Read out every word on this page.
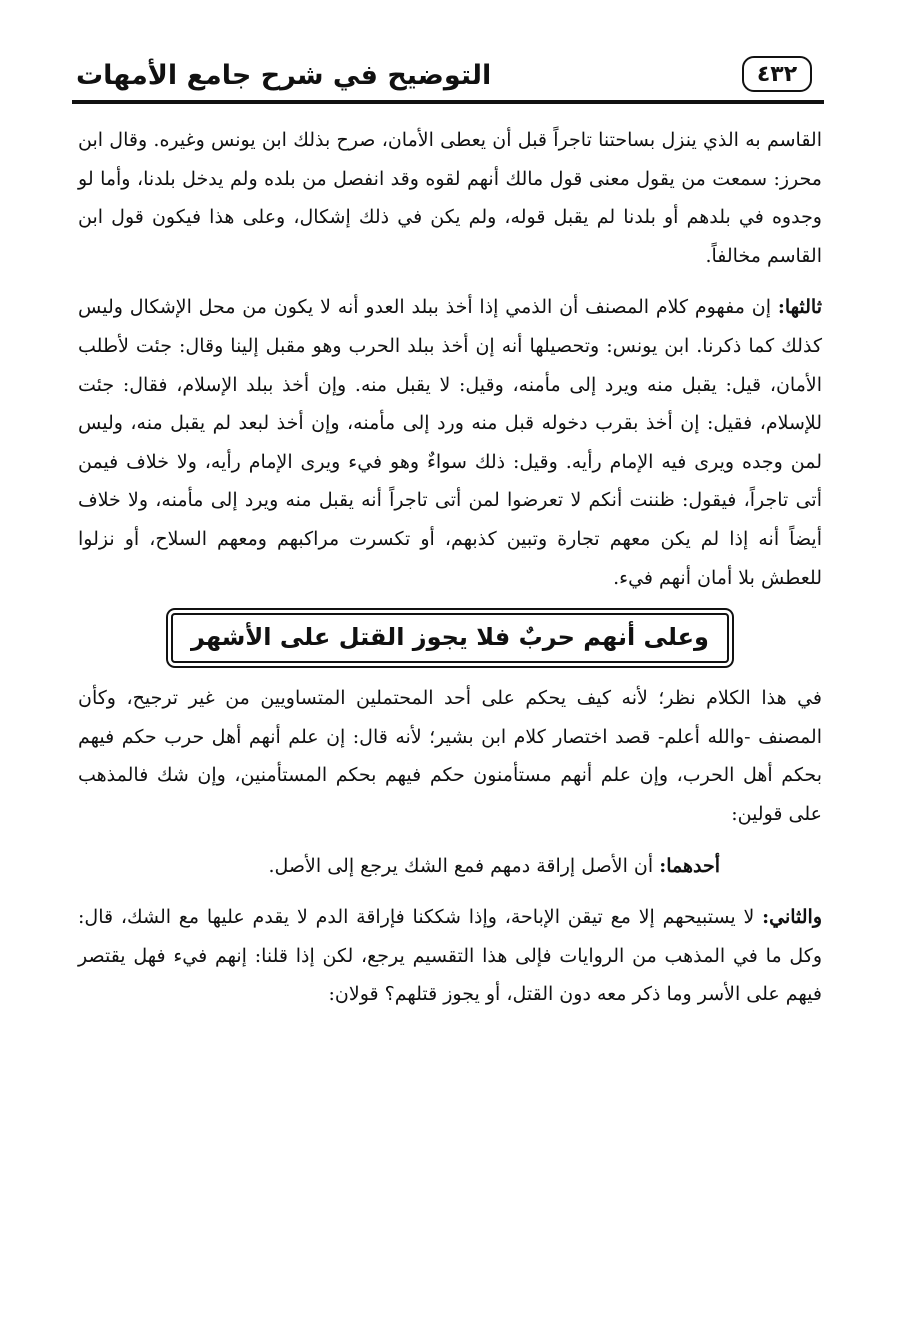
التوضيح في شرح جامع الأمهات	٤٣٢

القاسم به الذي ينزل بساحتنا تاجراً قبل أن يعطى الأمان، صرح بذلك ابن يونس وغيره. وقال ابن محرز: سمعت من يقول معنى قول مالك أنهم لقوه وقد انفصل من بلده ولم يدخل بلدنا، وأما لو وجدوه في بلدهم أو بلدنا لم يقبل قوله، ولم يكن في ذلك إشكال، وعلى هذا فيكون قول ابن القاسم مخالفاً.

ثالثها: إن مفهوم كلام المصنف أن الذمي إذا أخذ ببلد العدو أنه لا يكون من محل الإشكال وليس كذلك كما ذكرنا. ابن يونس: وتحصيلها أنه إن أخذ ببلد الحرب وهو مقبل إلينا وقال: جئت لأطلب الأمان، قيل: يقبل منه ويرد إلى مأمنه، وقيل: لا يقبل منه. وإن أخذ ببلد الإسلام، فقال: جئت للإسلام، فقيل: إن أخذ بقرب دخوله قبل منه ورد إلى مأمنه، وإن أخذ لبعد لم يقبل منه، وليس لمن وجده ويرى فيه الإمام رأيه. وقيل: ذلك سواءٌ وهو فيء ويرى الإمام رأيه، ولا خلاف فيمن أتى تاجراً، فيقول: ظننت أنكم لا تعرضوا لمن أتى تاجراً أنه يقبل منه ويرد إلى مأمنه، ولا خلاف أيضاً أنه إذا لم يكن معهم تجارة وتبين كذبهم، أو تكسرت مراكبهم ومعهم السلاح، أو نزلوا للعطش بلا أمان أنهم فيء.

وعلى أنهم حربٌ فلا يجوز القتل على الأشهر

في هذا الكلام نظر؛ لأنه كيف يحكم على أحد المحتملين المتساويين من غير ترجيح، وكأن المصنف -والله أعلم- قصد اختصار كلام ابن بشير؛ لأنه قال: إن علم أنهم أهل حرب حكم فيهم بحكم أهل الحرب، وإن علم أنهم مستأمنون حكم فيهم بحكم المستأمنين، وإن شك فالمذهب على قولين:

أحدهما: أن الأصل إراقة دمهم فمع الشك يرجع إلى الأصل.

والثاني: لا يستبيحهم إلا مع تيقن الإباحة، وإذا شككنا فإراقة الدم لا يقدم عليها مع الشك، قال: وكل ما في المذهب من الروايات فإلى هذا التقسيم يرجع، لكن إذا قلنا: إنهم فيء فهل يقتصر فيهم على الأسر وما ذكر معه دون القتل، أو يجوز قتلهم؟ قولان:
